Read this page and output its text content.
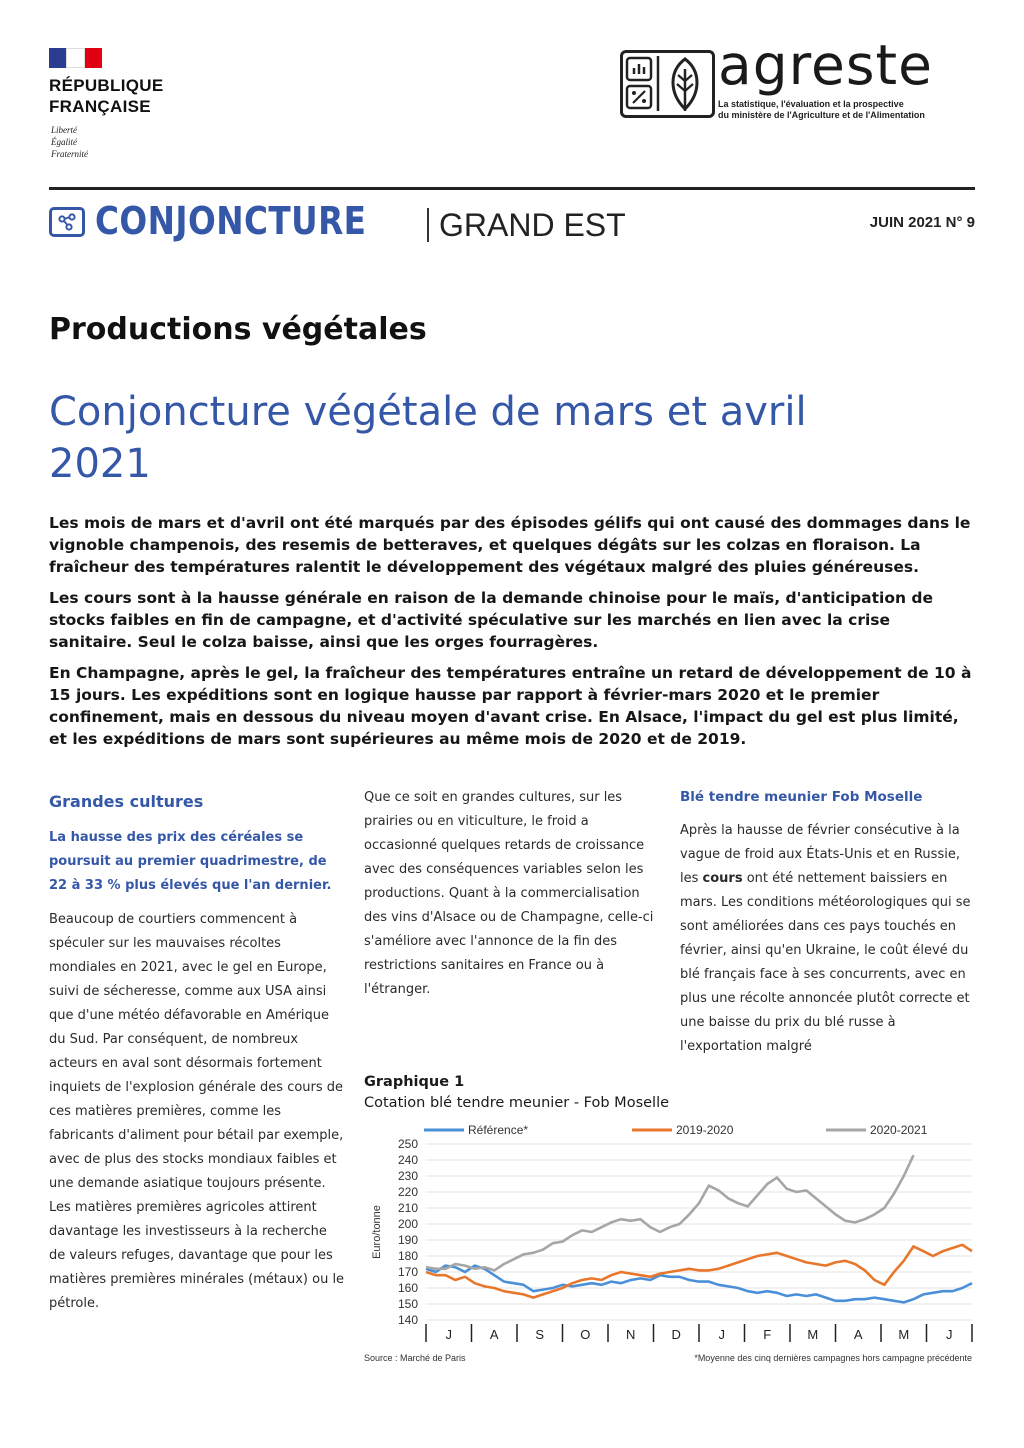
RÉPUBLIQUE
FRANÇAISE
Liberté
Égalité
Fraternité
agreste
La statistique, l'évaluation et la prospective
du ministère de l'Agriculture et de l'Alimentation
CONJONCTURE GRAND EST	JUIN 2021 N° 9
Productions végétales
Conjoncture végétale de mars et avril
2021

Les mois de mars et d'avril ont été marqués par des épisodes gélifs qui ont causé des dommages dans le vignoble champenois, des resemis de betteraves, et quelques dégâts sur les colzas en floraison. La fraîcheur des températures ralentit le développement des végétaux malgré des pluies généreuses.

Les cours sont à la hausse générale en raison de la demande chinoise pour le maïs, d'anticipation de stocks faibles en fin de campagne, et d'activité spéculative sur les marchés en lien avec la crise sanitaire. Seul le colza baisse, ainsi que les orges fourragères.

En Champagne, après le gel, la fraîcheur des températures entraîne un retard de développement de 10 à 15 jours. Les expéditions sont en logique hausse par rapport à février-mars 2020 et le premier confinement, mais en dessous du niveau moyen d'avant crise. En Alsace, l'impact du gel est plus limité, et les expéditions de mars sont supérieures au même mois de 2020 et de 2019.

Grandes cultures

La hausse des prix des céréales se poursuit au premier quadrimestre, de 22 à 33 % plus élevés que l'an dernier.

Beaucoup de courtiers commencent à spéculer sur les mauvaises récoltes mondiales en 2021, avec le gel en Europe, suivi de sécheresse, comme aux USA ainsi que d'une météo défavorable en Amérique du Sud. Par conséquent, de nombreux acteurs en aval sont désormais fortement inquiets de l'explosion générale des cours de ces matières premières, comme les fabricants d'aliment pour bétail par exemple, avec de plus des stocks mondiaux faibles et une demande asiatique toujours présente. Les matières premières agricoles attirent davantage les investisseurs à la recherche de valeurs refuges, davantage que pour les matières premières minérales (métaux) ou le pétrole.

Que ce soit en grandes cultures, sur les prairies ou en viticulture, le froid a occasionné quelques retards de croissance avec des conséquences variables selon les productions. Quant à la commercialisation des vins d'Alsace ou de Champagne, celle-ci s'améliore avec l'annonce de la fin des restrictions sanitaires en France ou à l'étranger.

Blé tendre meunier Fob Moselle

Après la hausse de février consécutive à la vague de froid aux États-Unis et en Russie, les cours ont été nettement baissiers en mars. Les conditions météorologiques qui se sont améliorées dans ces pays touchés en février, ainsi qu'en Ukraine, le coût élevé du blé français face à ses concurrents, avec en plus une récolte annoncée plutôt correcte et une baisse du prix du blé russe à l'exportation malgré

Graphique 1
Cotation blé tendre meunier - Fob Moselle
140
150
160
170
180
190
200
210
220
230
240
250
Euro/tonne
J	A	S	O	N	D	J	F	M	A	M	J
Référence*	2019-2020	2020-2021
Source : Marché de Paris	*Moyenne des cinq dernières campagnes hors campagne précédente
